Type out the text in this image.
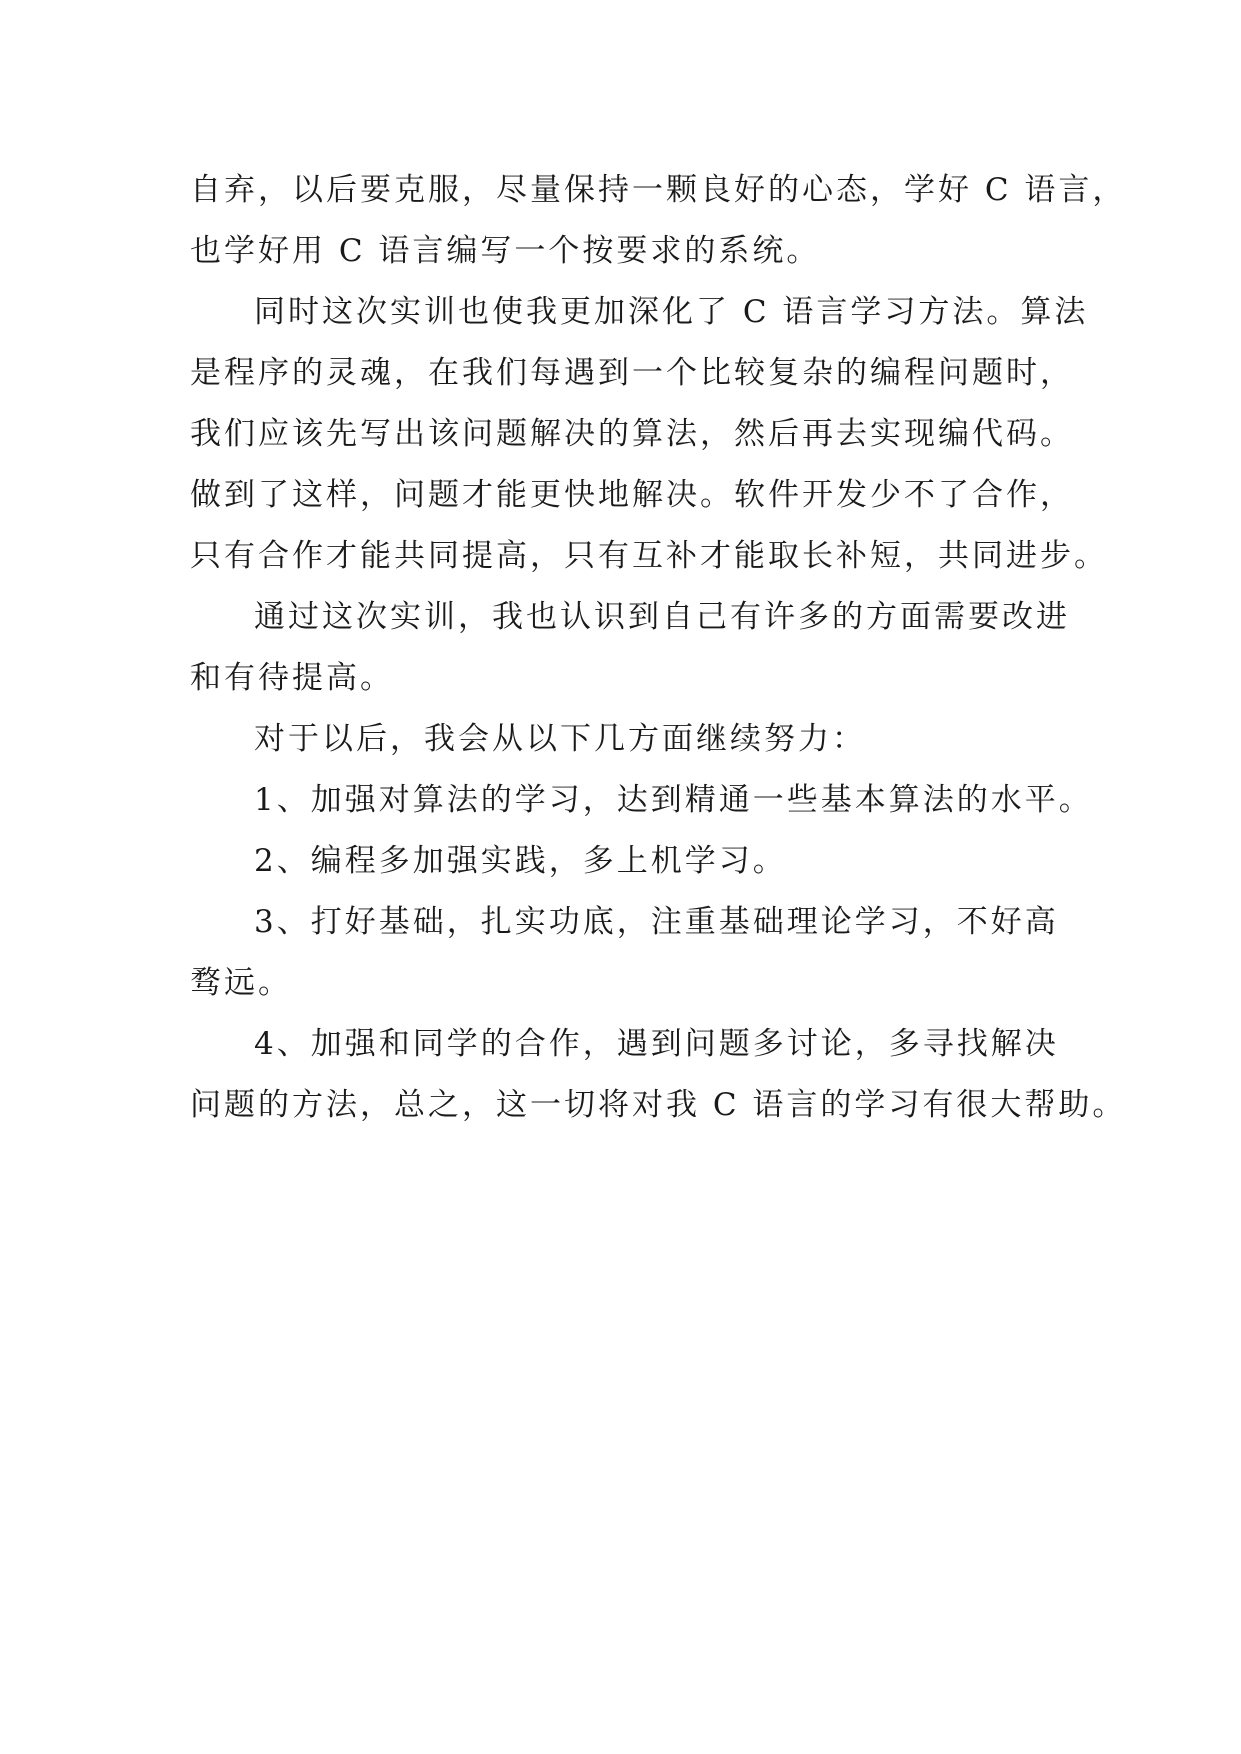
自弃，以后要克服，尽量保持一颗良好的心态，学好 C 语言，
也学好用 C 语言编写一个按要求的系统。
同时这次实训也使我更加深化了 C 语言学习方法。算法
是程序的灵魂，在我们每遇到一个比较复杂的编程问题时，
我们应该先写出该问题解决的算法，然后再去实现编代码。
做到了这样，问题才能更快地解决。软件开发少不了合作，
只有合作才能共同提高，只有互补才能取长补短，共同进步。
通过这次实训，我也认识到自己有许多的方面需要改进
和有待提高。
对于以后，我会从以下几方面继续努力：
1、加强对算法的学习，达到精通一些基本算法的水平。
2、编程多加强实践，多上机学习。
3、打好基础，扎实功底，注重基础理论学习，不好高
骛远。
4、加强和同学的合作，遇到问题多讨论，多寻找解决
问题的方法，总之，这一切将对我 C 语言的学习有很大帮助。
